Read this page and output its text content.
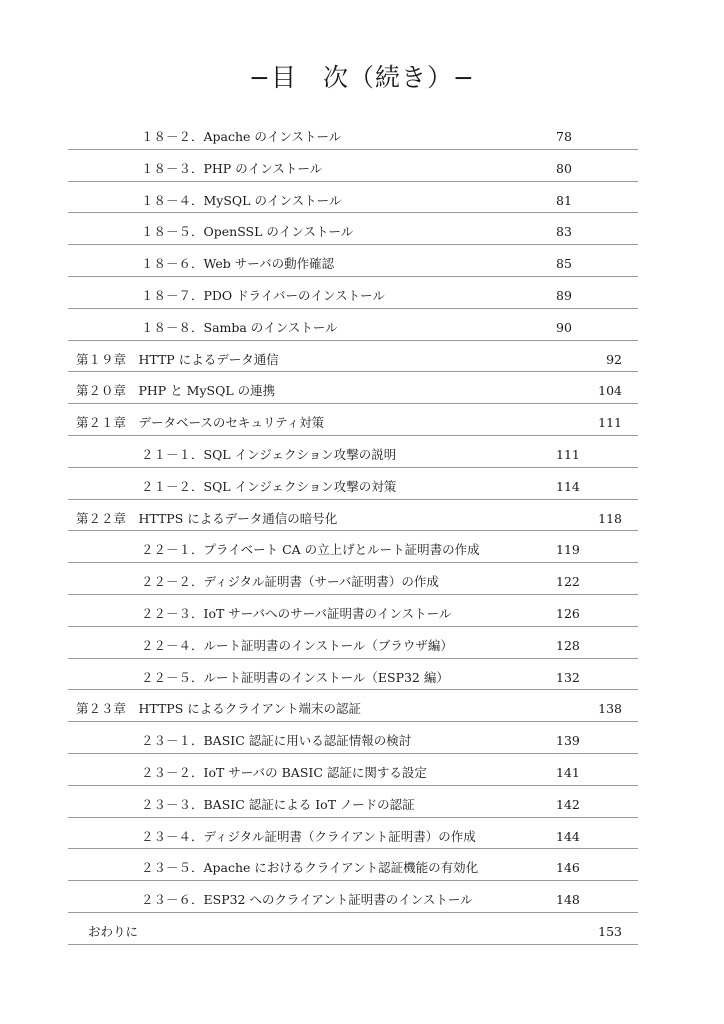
−目　次（続き）−
１８－２．Apache のインストール	78
１８－３．PHP のインストール	80
１８－４．MySQL のインストール	81
１８－５．OpenSSL のインストール	83
１８－６．Web サーバの動作確認	85
１８－７．PDO ドライバーのインストール	89
１８－８．Samba のインストール	90
第１９章　HTTP によるデータ通信	92
第２０章　PHP と MySQL の連携	104
第２１章　データベースのセキュリティ対策	111
２１－１．SQL インジェクション攻撃の説明	111
２１－２．SQL インジェクション攻撃の対策	114
第２２章　HTTPS によるデータ通信の暗号化	118
２２－１．プライベート CA の立上げとルート証明書の作成	119
２２－２．ディジタル証明書（サーバ証明書）の作成	122
２２－３．IoT サーバへのサーバ証明書のインストール	126
２２－４．ルート証明書のインストール（ブラウザ編）	128
２２－５．ルート証明書のインストール（ESP32 編）	132
第２３章　HTTPS によるクライアント端末の認証	138
２３－１．BASIC 認証に用いる認証情報の検討	139
２３－２．IoT サーバの BASIC 認証に関する設定	141
２３－３．BASIC 認証による IoT ノードの認証	142
２３－４．ディジタル証明書（クライアント証明書）の作成	144
２３－５．Apache におけるクライアント認証機能の有効化	146
２３－６．ESP32 へのクライアント証明書のインストール	148
おわりに	153
